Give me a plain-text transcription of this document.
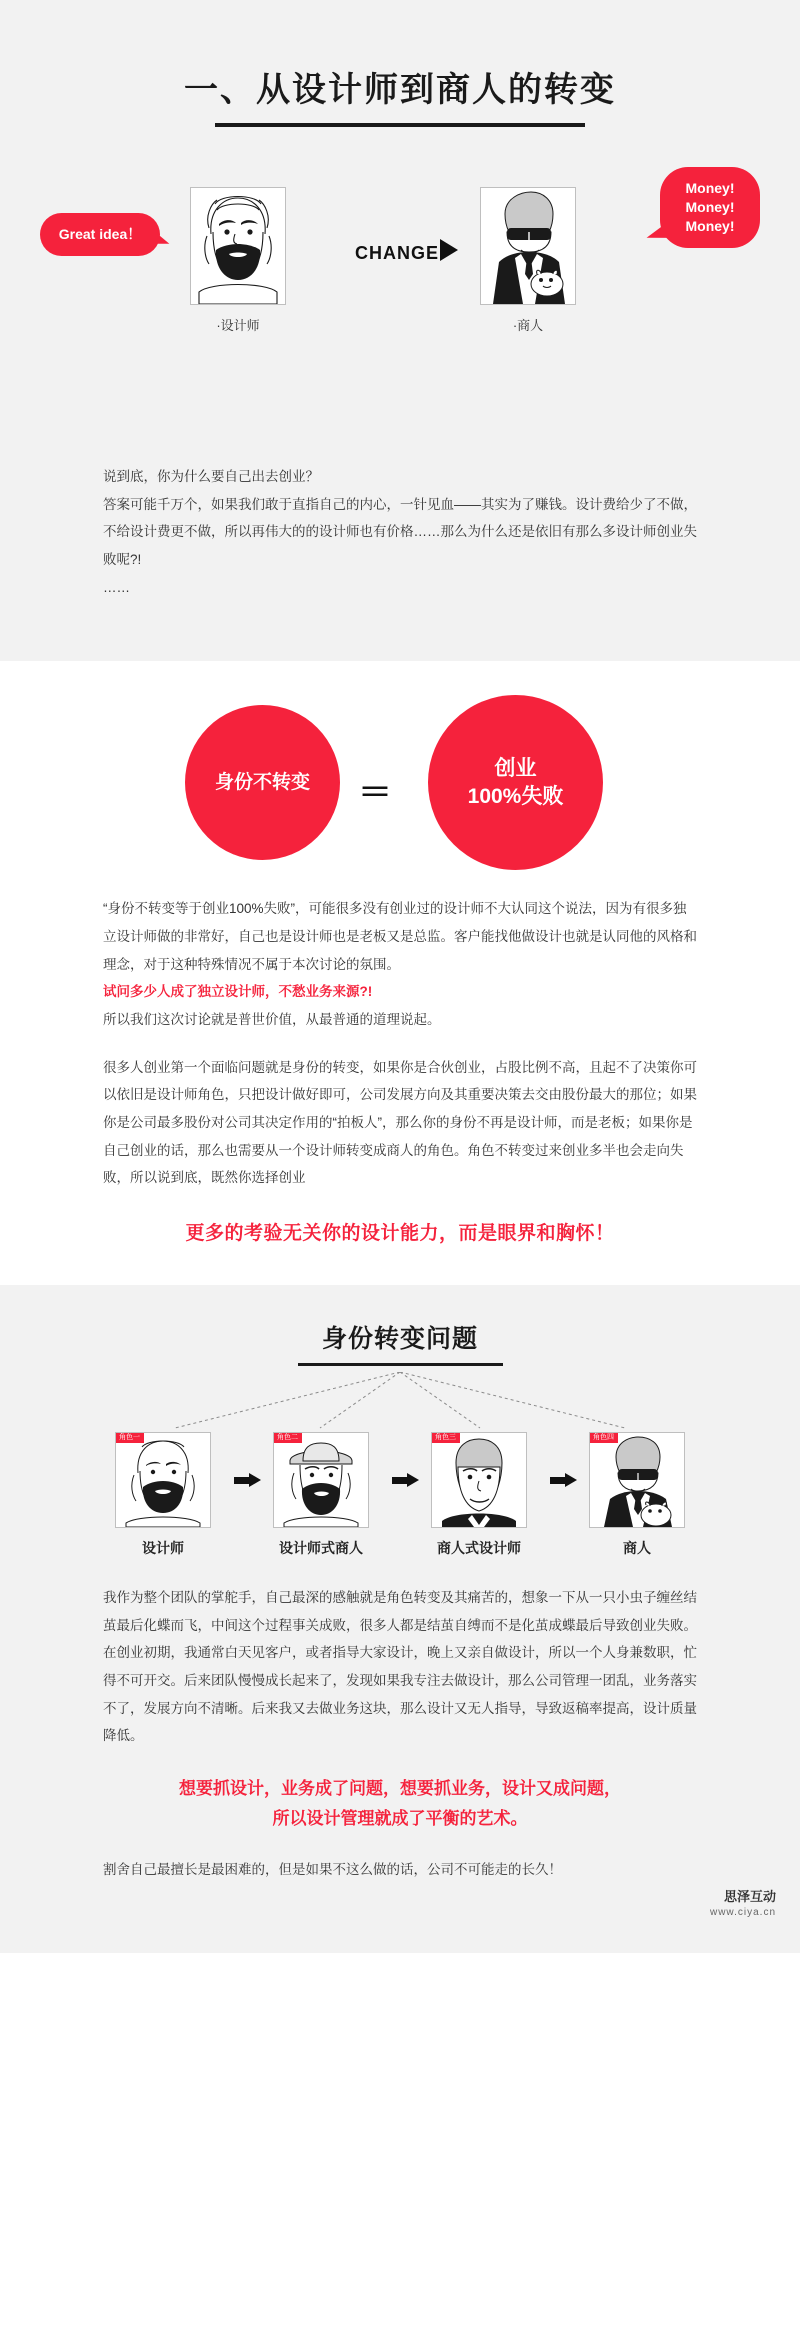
一、从设计师到商人的转变
·设计师	·商人
CHANGE
Great idea！
Money!
Money!
Money!

说到底，你为什么要自己出去创业？

答案可能千万个，如果我们敢于直指自己的内心，一针见血——其实为了赚钱。设计费给少了不做，不给设计费更不做，所以再伟大的的设计师也有价格……那么为什么还是依旧有那么多设计师创业失败呢?!

……

身份不转变 ＝
创业
100%失败

“身份不转变等于创业100%失败”，可能很多没有创业过的设计师不大认同这个说法，因为有很多独立设计师做的非常好，自己也是设计师也是老板又是总监。客户能找他做设计也就是认同他的风格和理念，对于这种特殊情况不属于本次讨论的氛围。

试问多少人成了独立设计师，不愁业务来源?!

所以我们这次讨论就是普世价值，从最普通的道理说起。

很多人创业第一个面临问题就是身份的转变，如果你是合伙创业，占股比例不高，且起不了决策你可以依旧是设计师角色，只把设计做好即可，公司发展方向及其重要决策去交由股份最大的那位；如果你是公司最多股份对公司其决定作用的“拍板人”，那么你的身份不再是设计师，而是老板；如果你是自己创业的话，那么也需要从一个设计师转变成商人的角色。角色不转变过来创业多半也会走向失败，所以说到底，既然你选择创业

更多的考验无关你的设计能力，而是眼界和胸怀！
身份转变问题
角色一
设计师
角色二
设计师式商人
角色三
商人式设计师
角色四
商人

我作为整个团队的掌舵手，自己最深的感触就是角色转变及其痛苦的，想象一下从一只小虫子缠丝结茧最后化蝶而飞，中间这个过程事关成败，很多人都是结茧自缚而不是化茧成蝶最后导致创业失败。在创业初期，我通常白天见客户，或者指导大家设计，晚上又亲自做设计，所以一个人身兼数职，忙得不可开交。后来团队慢慢成长起来了，发现如果我专注去做设计，那么公司管理一团乱，业务落实不了，发展方向不清晰。后来我又去做业务这块，那么设计又无人指导，导致返稿率提高，设计质量降低。

想要抓设计，业务成了问题，想要抓业务，设计又成问题，
所以设计管理就成了平衡的艺术。
割舍自己最擅长是最困难的，但是如果不这么做的话，公司不可能走的长久！
思泽互动
www.ciya.cn
